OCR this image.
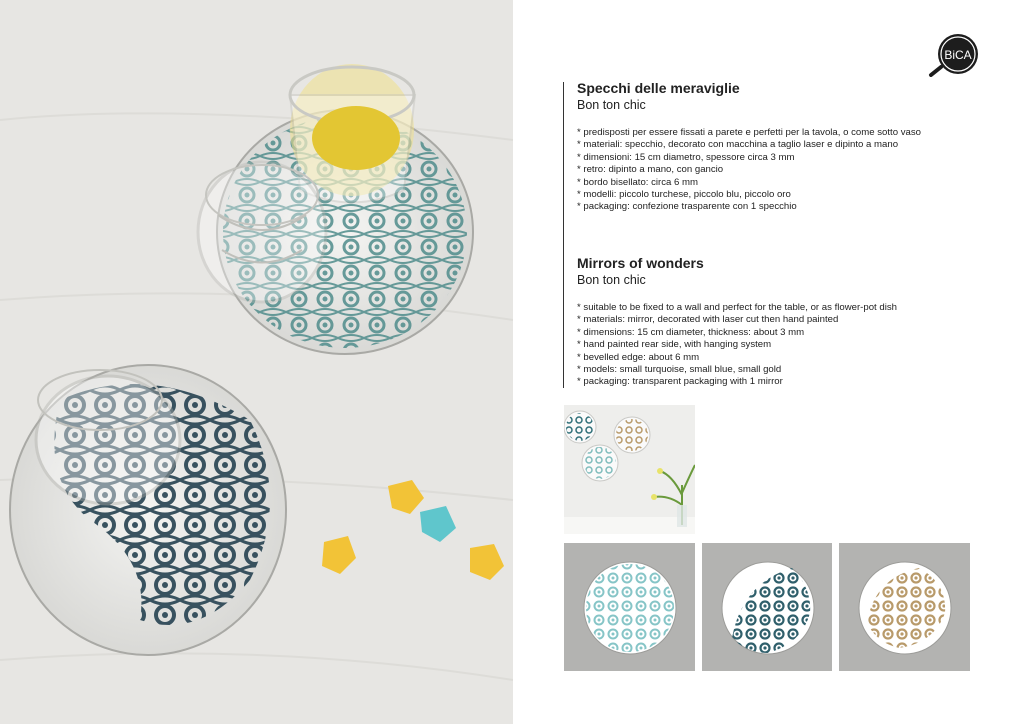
BiCA

Specchi delle meraviglie

Bon ton chic

* predisposti per essere fissati a parete e perfetti per la tavola, o come sotto vaso
* materiali: specchio, decorato con macchina a taglio laser e dipinto a mano
* dimensioni: 15 cm diametro, spessore circa 3 mm
* retro: dipinto a mano, con gancio
* bordo bisellato: circa 6 mm
* modelli: piccolo turchese, piccolo blu, piccolo oro
* packaging: confezione trasparente con 1 specchio

Mirrors of wonders

Bon ton chic

* suitable to be fixed to a wall and perfect for the table, or as flower-pot dish
* materials: mirror, decorated with laser cut then hand painted
* dimensions: 15 cm diameter, thickness: about 3 mm
* hand painted rear side, with hanging system
* bevelled edge: about 6 mm
* models: small turquoise, small blue, small gold
* packaging: transparent packaging with 1 mirror
